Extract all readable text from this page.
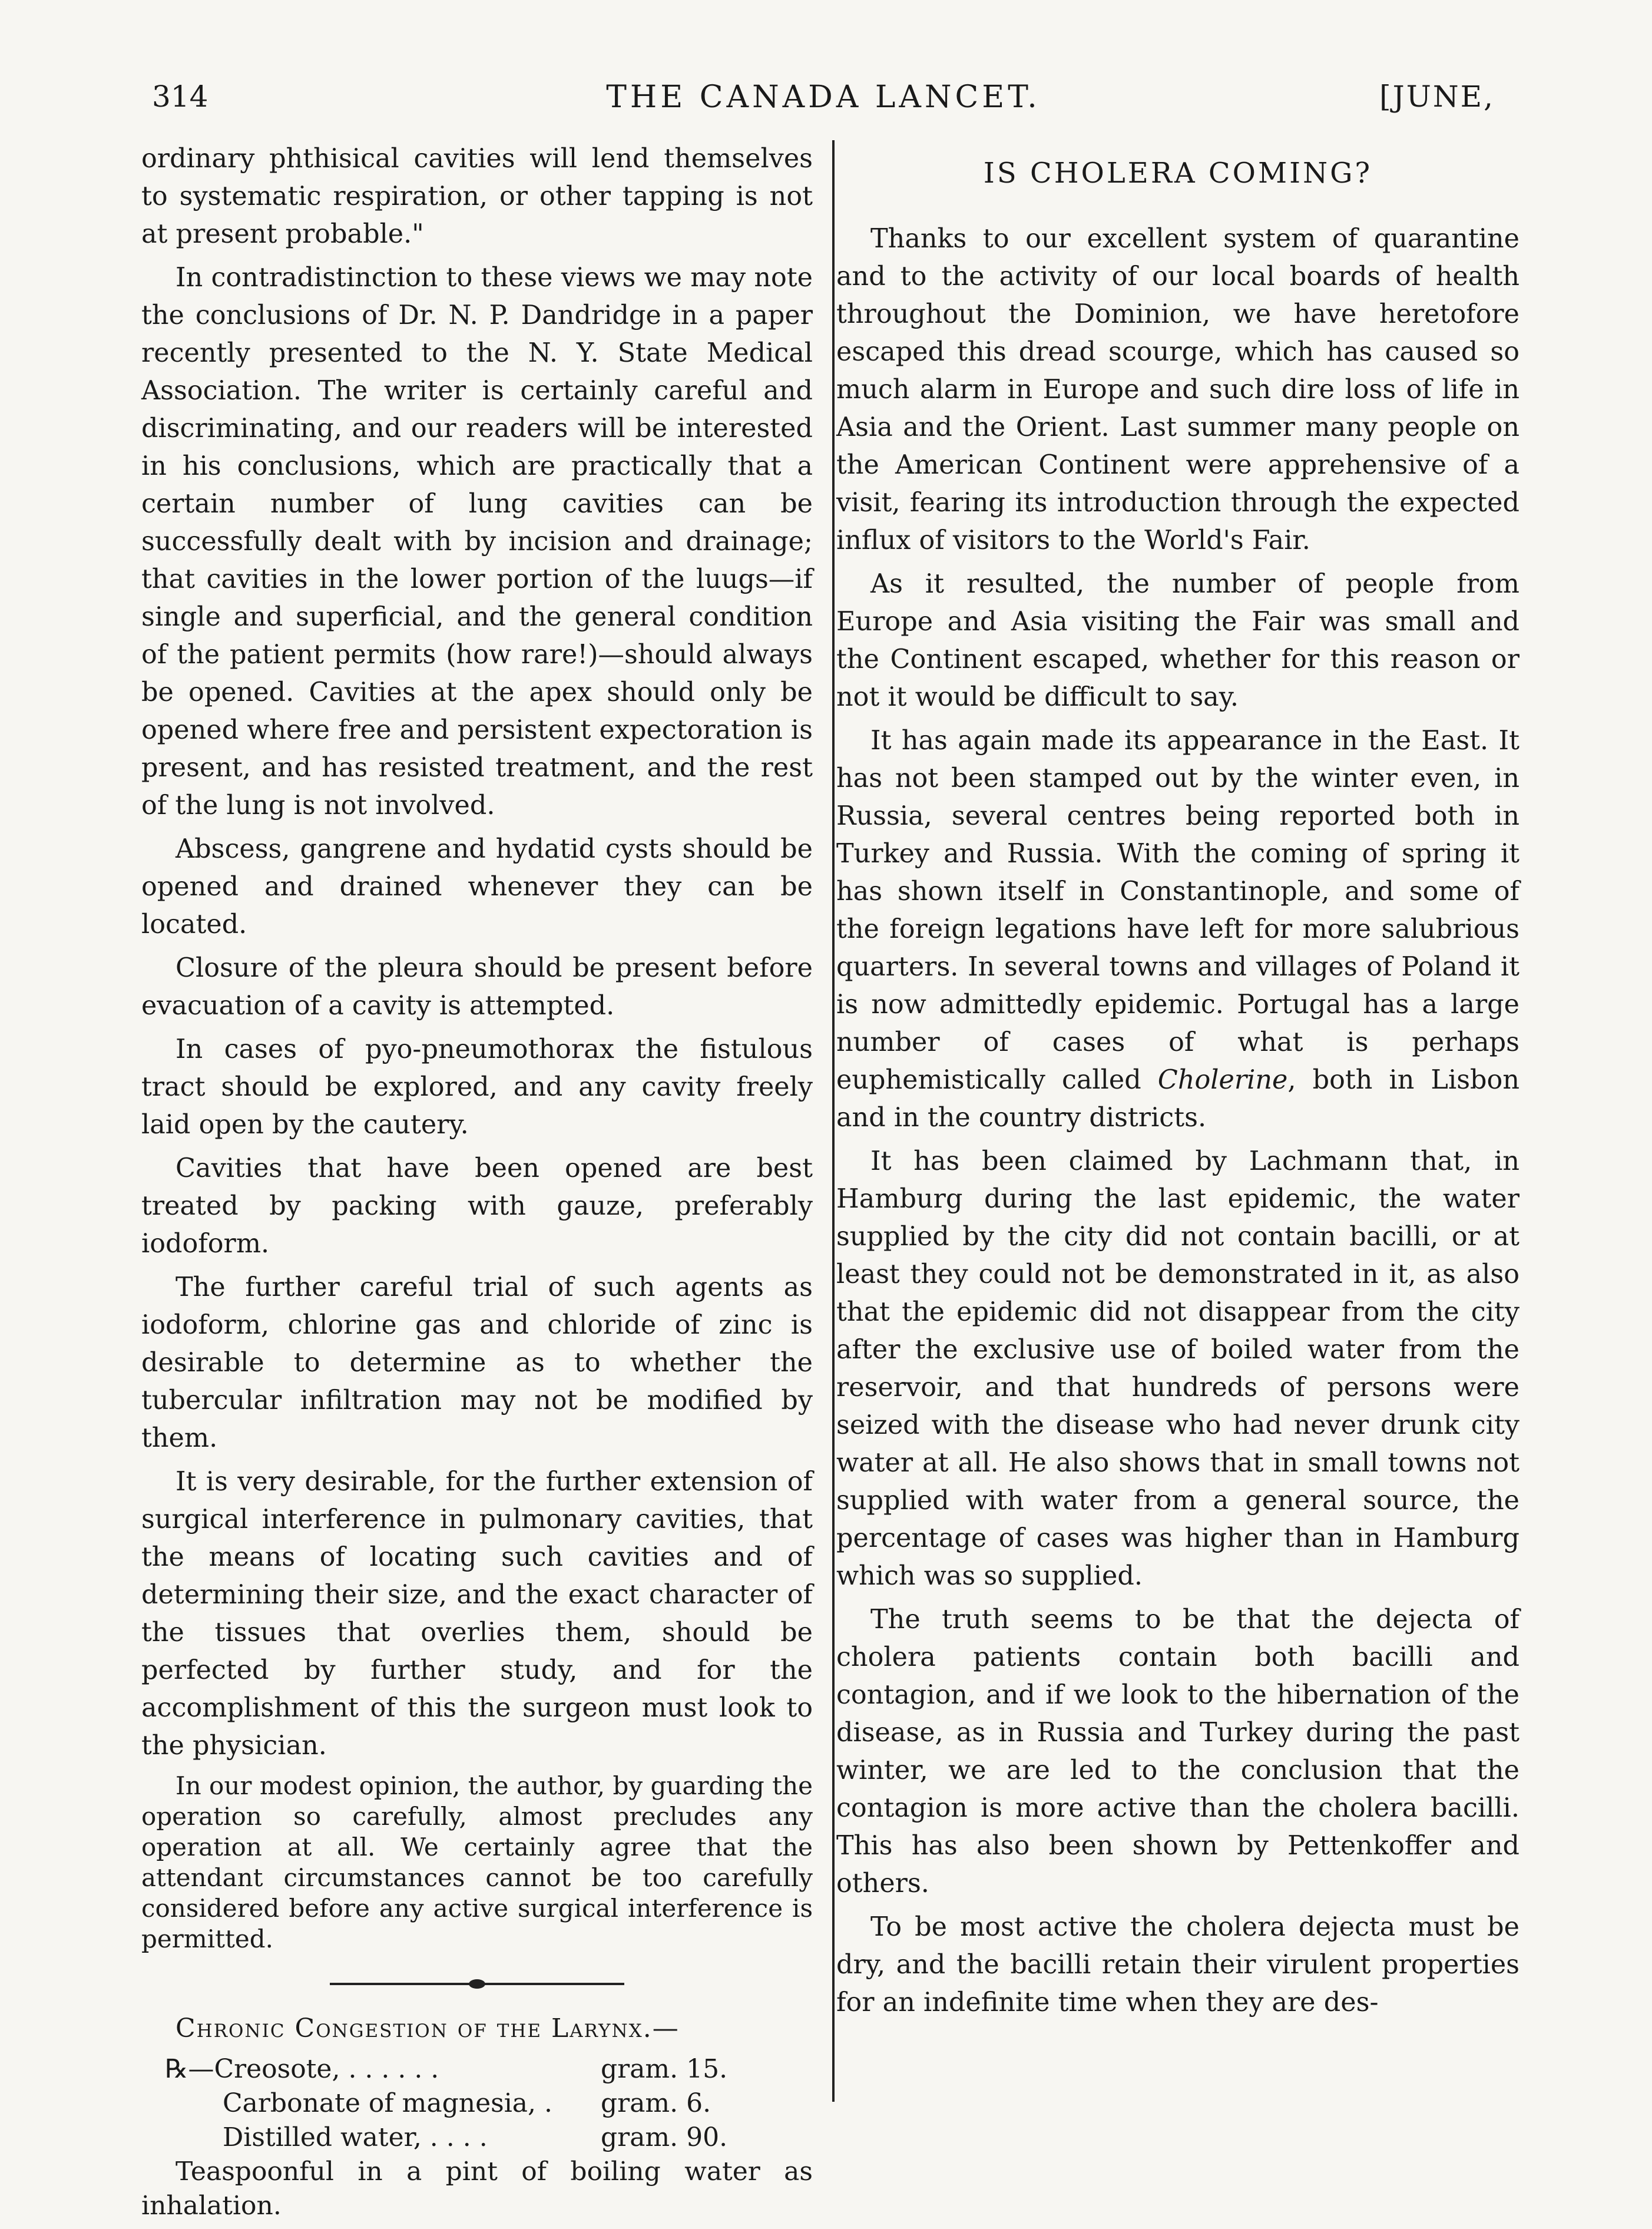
314	THE CANADA LANCET.	[JUNE,

ordinary phthisical cavities will lend themselves to systematic respiration, or other tapping is not at present probable."

In contradistinction to these views we may note the conclusions of Dr. N. P. Dandridge in a paper recently presented to the N. Y. State Medical Association. The writer is certainly careful and discriminating, and our readers will be interested in his conclusions, which are practically that a certain number of lung cavities can be successfully dealt with by incision and drainage; that cavities in the lower portion of the luugs—if single and superficial, and the general condition of the patient permits (how rare!)—should always be opened. Cavities at the apex should only be opened where free and persistent expectoration is present, and has resisted treatment, and the rest of the lung is not involved.

Abscess, gangrene and hydatid cysts should be opened and drained whenever they can be located.

Closure of the pleura should be present before evacuation of a cavity is attempted.

In cases of pyo-pneumothorax the fistulous tract should be explored, and any cavity freely laid open by the cautery.

Cavities that have been opened are best treated by packing with gauze, preferably iodoform.

The further careful trial of such agents as iodoform, chlorine gas and chloride of zinc is desirable to determine as to whether the tubercular infiltration may not be modified by them.

It is very desirable, for the further extension of surgical interference in pulmonary cavities, that the means of locating such cavities and of determining their size, and the exact character of the tissues that overlies them, should be perfected by further study, and for the accomplishment of this the surgeon must look to the physician.

In our modest opinion, the author, by guarding the operation so carefully, almost precludes any operation at all. We certainly agree that the attendant circumstances cannot be too carefully considered before any active surgical interference is permitted.

Chronic Congestion of the Larynx.—

℞—Creosote, . . . . . .	gram. 15.
Carbonate of magnesia, .	gram. 6.
Distilled water, . . . .	gram. 90.

Teaspoonful in a pint of boiling water as inhalation.

IS CHOLERA COMING?

Thanks to our excellent system of quarantine and to the activity of our local boards of health throughout the Dominion, we have heretofore escaped this dread scourge, which has caused so much alarm in Europe and such dire loss of life in Asia and the Orient. Last summer many people on the American Continent were apprehensive of a visit, fearing its introduction through the expected influx of visitors to the World's Fair.

As it resulted, the number of people from Europe and Asia visiting the Fair was small and the Continent escaped, whether for this reason or not it would be difficult to say.

It has again made its appearance in the East. It has not been stamped out by the winter even, in Russia, several centres being reported both in Turkey and Russia. With the coming of spring it has shown itself in Constantinople, and some of the foreign legations have left for more salubrious quarters. In several towns and villages of Poland it is now admittedly epidemic. Portugal has a large number of cases of what is perhaps euphemistically called Cholerine, both in Lisbon and in the country districts.

It has been claimed by Lachmann that, in Hamburg during the last epidemic, the water supplied by the city did not contain bacilli, or at least they could not be demonstrated in it, as also that the epidemic did not disappear from the city after the exclusive use of boiled water from the reservoir, and that hundreds of persons were seized with the disease who had never drunk city water at all. He also shows that in small towns not supplied with water from a general source, the percentage of cases was higher than in Hamburg which was so supplied.

The truth seems to be that the dejecta of cholera patients contain both bacilli and contagion, and if we look to the hibernation of the disease, as in Russia and Turkey during the past winter, we are led to the conclusion that the contagion is more active than the cholera bacilli. This has also been shown by Pettenkoffer and others.

To be most active the cholera dejecta must be dry, and the bacilli retain their virulent properties for an indefinite time when they are des-
